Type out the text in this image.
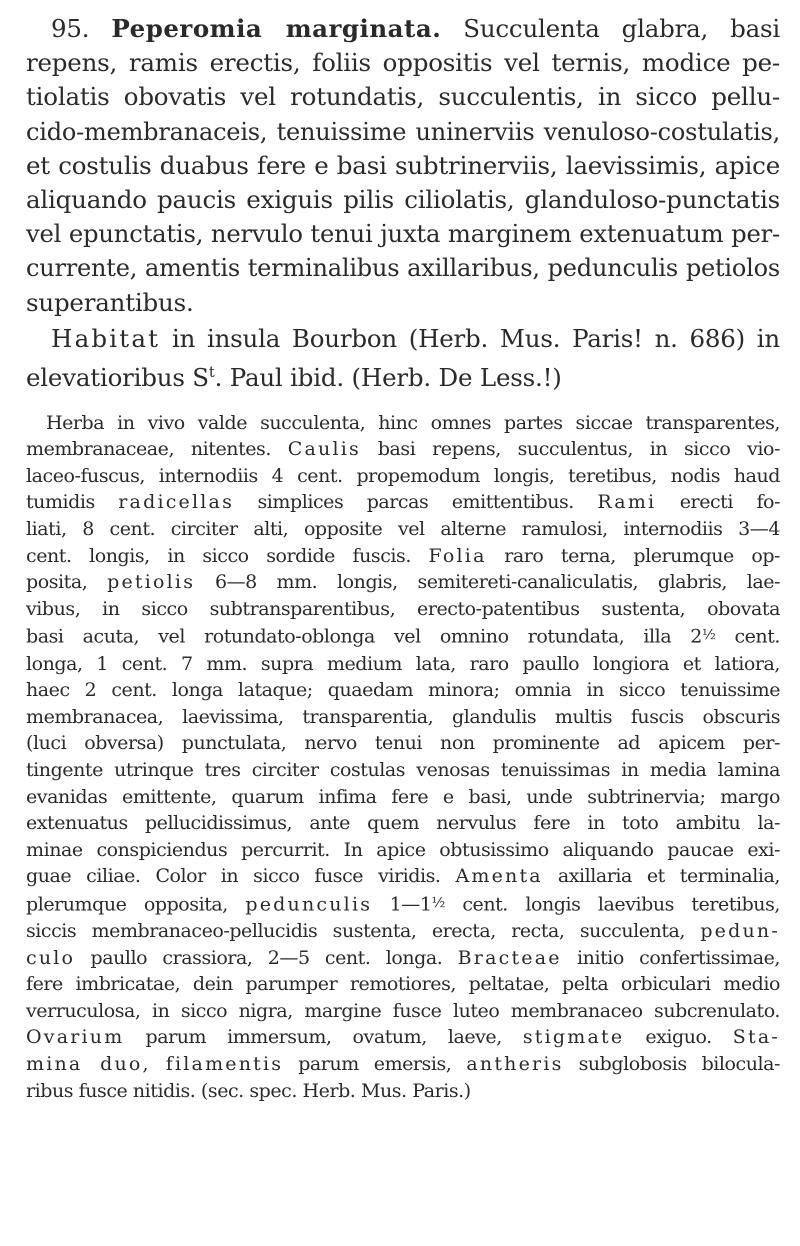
95. Peperomia marginata. Succulenta glabra, basi
repens, ramis erectis, foliis oppositis vel ternis, modice pe-
tiolatis obovatis vel rotundatis, succulentis, in sicco pellu-
cido-membranaceis, tenuissime uninerviis venuloso-costulatis,
et costulis duabus fere e basi subtrinerviis, laevissimis, apice
aliquando paucis exiguis pilis ciliolatis, glanduloso-punctatis
vel epunctatis, nervulo tenui juxta marginem extenuatum per-
currente, amentis terminalibus axillaribus, pedunculis petiolos
superantibus.
Habitat in insula Bourbon (Herb. Mus. Paris! n. 686) in
elevatioribus $S^t$. Paul ibid. (Herb. De Less.!)
Herba in vivo valde succulenta, hinc omnes partes siccae transparentes,
membranaceae, nitentes. Caulis basi repens, succulentus, in sicco vio-
laceo-fuscus, internodiis 4 cent. propemodum longis, teretibus, nodis haud
tumidis radicellas simplices parcas emittentibus. Rami erecti fo-
liati, 8 cent. circiter alti, opposite vel alterne ramulosi, internodiis 3—4
cent. longis, in sicco sordide fuscis. Folia raro terna, plerumque op-
posita, petiolis 6—8 mm. longis, semitereti-canaliculatis, glabris, lae-
vibus, in sicco subtransparentibus, erecto-patentibus sustenta, obovata
basi acuta, vel rotundato-oblonga vel omnino rotundata, illa 2½ cent.
longa, 1 cent. 7 mm. supra medium lata, raro paullo longiora et latiora,
haec 2 cent. longa lataque; quaedam minora; omnia in sicco tenuissime
membranacea, laevissima, transparentia, glandulis multis fuscis obscuris
(luci obversa) punctulata, nervo tenui non prominente ad apicem per-
tingente utrinque tres circiter costulas venosas tenuissimas in media lamina
evanidas emittente, quarum infima fere e basi, unde subtrinervia; margo
extenuatus pellucidissimus, ante quem nervulus fere in toto ambitu la-
minae conspiciendus percurrit. In apice obtusissimo aliquando paucae exi-
guae ciliae. Color in sicco fusce viridis. Amenta axillaria et terminalia,
plerumque opposita, pedunculis 1—1½ cent. longis laevibus teretibus,
siccis membranaceo-pellucidis sustenta, erecta, recta, succulenta, pedun-
culo paullo crassiora, 2—5 cent. longa. Bracteae initio confertissimae,
fere imbricatae, dein parumper remotiores, peltatae, pelta orbiculari medio
verruculosa, in sicco nigra, margine fusce luteo membranaceo subcrenulato.
Ovarium parum immersum, ovatum, laeve, stigmate exiguo. Sta-
mina duo, filamentis parum emersis, antheris subglobosis bilocula-
ribus fusce nitidis. (sec. spec. Herb. Mus. Paris.)
